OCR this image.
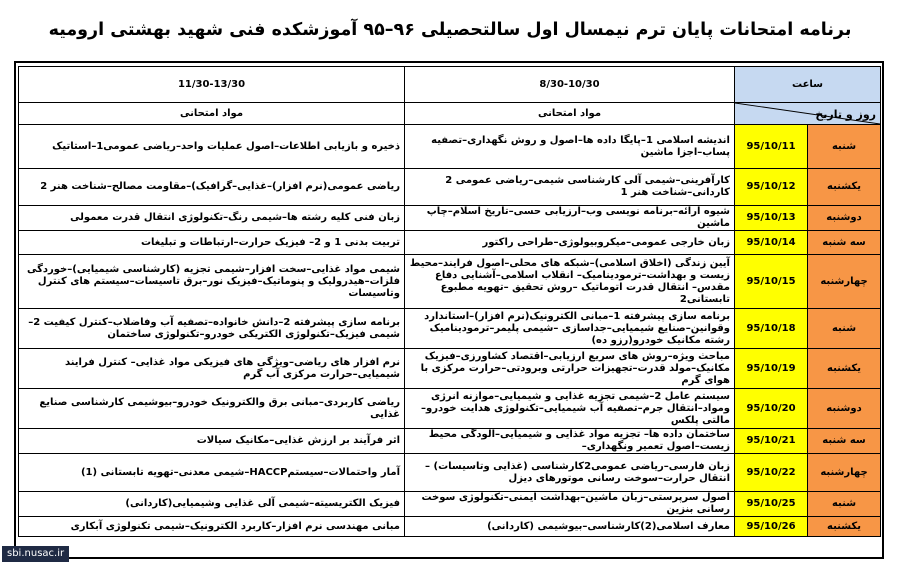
برنامه امتحانات پایان ترم نیمسال اول سالتحصیلی ۹۶–۹۵ آموزشکده فنی شهید بهشتی ارومیه
ساعت		8/30-10/30	11/30-13/30

روز و تاریخ		مواد امتحانی	مواد امتحانی
شنبه	95/10/11	اندیشه اسلامی 1–پایگا داده ها–اصول و روش نگهداری–تصفیه پساب–اجزا ماشین	ذخیره و بازیابی اطلاعات–اصول عملیات واحد–ریاضی عمومی1–استاتیک
یکشنبه	95/10/12	کارآفرینی–شیمی آلی کارشناسی شیمی–ریاضی عمومی 2 کاردانی–شناخت هنر 1	ریاضی عمومی(نرم افزار)–غذایی–گرافیک)–مقاومت مصالح–شناخت هنر 2
دوشنبه	95/10/13	شیوه ارائه–برنامه نویسی وب–ارزیابی حسی–تاریخ اسلام–چاپ ماشین	زبان فنی کلیه رشته ها–شیمی رنگ–تکنولوژی انتقال قدرت معمولی
سه شنبه	95/10/14	زبان خارجی عمومی–میکروبیولوژی–طراحی راکتور	تربیت بدنی 1 و 2– فیزیک حرارت–ارتباطات و تبلیغات
چهارشنبه	95/10/15	آیین زندگی (اخلاق اسلامی)–شبکه های محلی–اصول فرایند–محیط زیست و بهداشت–ترمودینامیک– انقلاب اسلامی–آشنایی دفاع مقدس– انتقال قدرت اتوماتیک –روش تحقیق –تهویه مطبوع تابستانی2	شیمی مواد غذایی–سخت افزار–شیمی تجزیه (کارشناسی شیمیایی)–خوردگی فلزات–هیدرولیک و پنوماتیک–فیزیک نور–برق تاسیسات–سیستم های کنترل وتاسیسات
شنبه	95/10/18	برنامه سازی پیشرفته 1–مبانی الکترونیک(نرم افزار)–استاندارد وقوانین–صنایع شیمیایی–جداسازی –شیمی پلیمر–ترمودینامیک رشته مکانیک خودرو(رزو ده)	برنامه سازی پیشرفته 2–دانش خانواده–تصفیه آب وفاضلاب–کنترل کیفیت 2–شیمی فیزیک–تکنولوژی الکتریکی خودرو–تکنولوژی ساختمان
یکشنبه	95/10/19	مباحث ویژه–روش های سریع ارزیابی–اقتصاد کشاورزی–فیزیک مکانیک–مولد قدرت–تجهیزات حرارتی وبرودتی–حرارت مرکزی با هوای گرم	نرم افزار های ریاضی–ویژگی های فیزیکی مواد غذایی– کنترل فرایند شیمیایی–حرارت مرکزی آب گرم
دوشنبه	95/10/20	سیستم عامل 2–شیمی تجزیه غذایی و شیمیایی–موازنه انرژی ومواد–انتقال جرم–تصفیه آب شیمیایی–تکنولوژی هدایت خودرو–مالتی پلکس	ریاضی کاربردی–مبانی برق والکترونیک خودرو–بیوشیمی کارشناسی صنایع غذایی
سه شنبه	95/10/21	ساختمان داده ها– تجزیه مواد غذایی و شیمیایی–آلودگی محیط زیست–اصول تعمیر ونگهداری–	اثر فرآیند بر ارزش غذایی–مکانیک سیالات
چهارشنبه	95/10/22	زبان فارسی–ریاضی عمومی2کارشناسی (غذایی وتاسیسات) –انتقال حرارت–سوخت رسانی موتورهای دیزل	آمار واحتمالات–سیستمHACCP–شیمی معدنی–تهویه تابستانی (1)
شنبه	95/10/25	اصول سرپرستی–زبان ماشین–بهداشت ایمنی–تکنولوژی سوخت رسانی بنزین	فیزیک الکتریسیته–شیمی آلی غذایی وشیمیایی(کاردانی)
یکشنبه	95/10/26	معارف اسلامی(2)کارشناسی–بیوشیمی (کاردانی)	مبانی مهندسی نرم افزار–کاربرد الکترونیک–شیمی تکنولوژی آبکاری
sbi.nusac.ir
